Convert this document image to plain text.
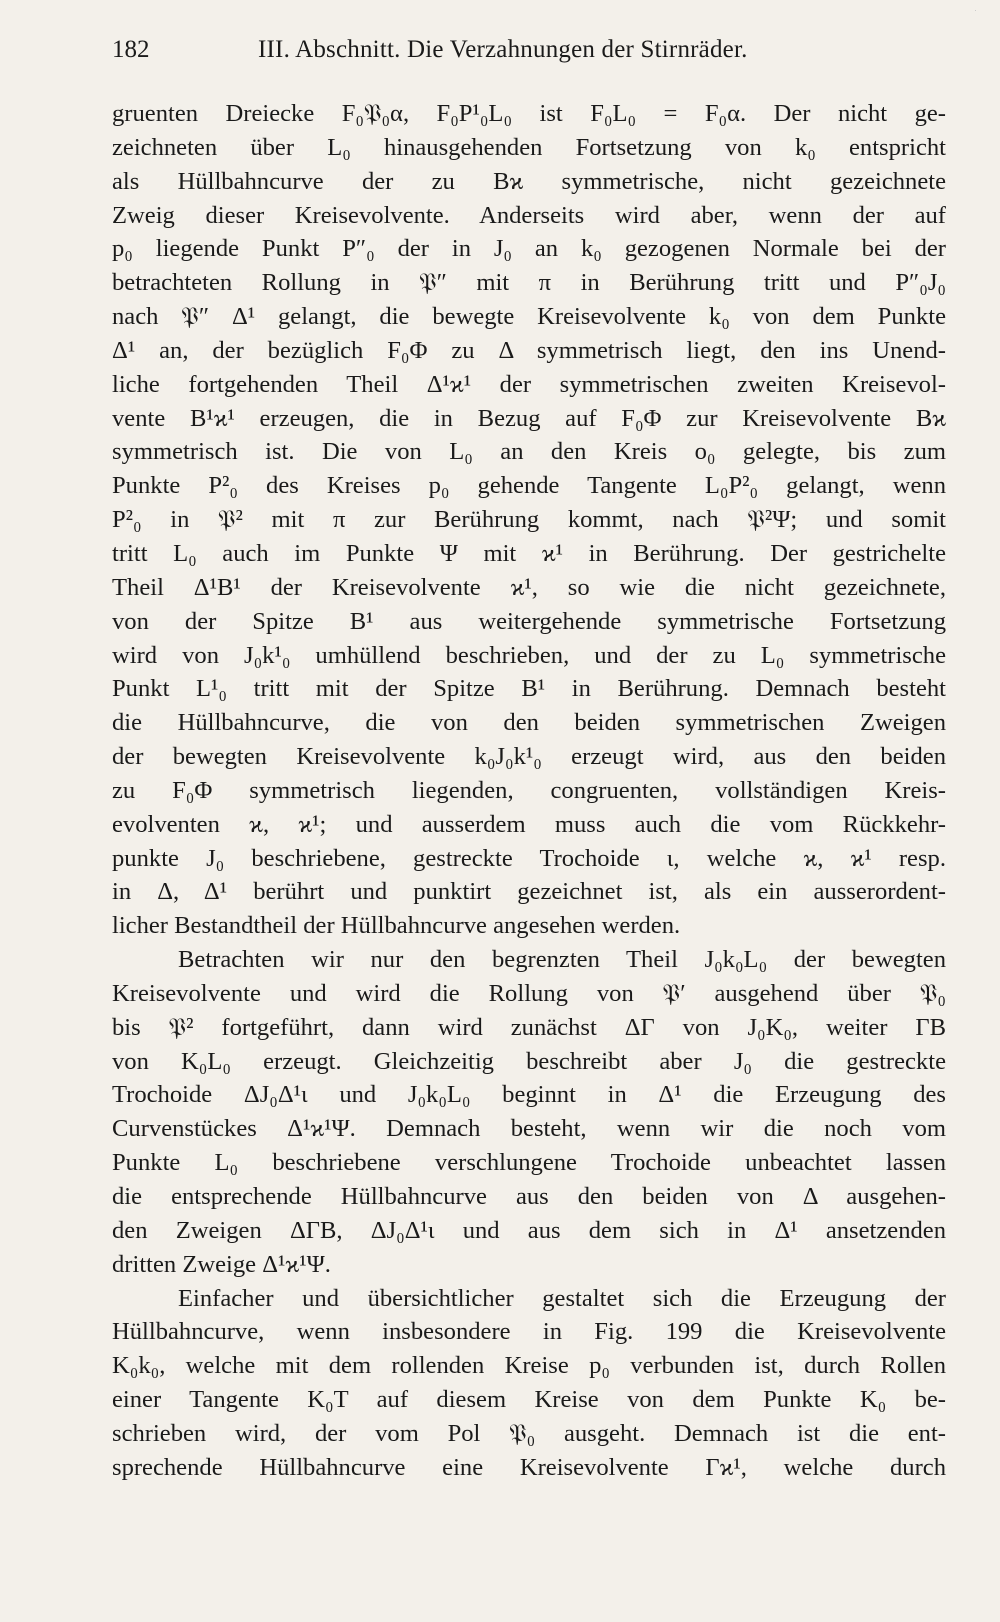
182	III. Abschnitt. Die Verzahnungen der Stirnräder.
gruenten Dreiecke F₀𝔓₀α, F₀P¹₀L₀ ist F₀L₀ = F₀α. Der nicht ge-
zeichneten über L₀ hinausgehenden Fortsetzung von k₀ entspricht
als Hüllbahncurve der zu Bϰ symmetrische, nicht gezeichnete
Zweig dieser Kreisevolvente. Anderseits wird aber, wenn der auf
p₀ liegende Punkt P″₀ der in J₀ an k₀ gezogenen Normale bei der
betrachteten Rollung in 𝔓″ mit π in Berührung tritt und P″₀J₀
nach 𝔓″ Δ¹ gelangt, die bewegte Kreisevolvente k₀ von dem Punkte
Δ¹ an, der bezüglich F₀Φ zu Δ symmetrisch liegt, den ins Unend-
liche fortgehenden Theil Δ¹ϰ¹ der symmetrischen zweiten Kreisevol-
vente B¹ϰ¹ erzeugen, die in Bezug auf F₀Φ zur Kreisevolvente Bϰ
symmetrisch ist. Die von L₀ an den Kreis o₀ gelegte, bis zum
Punkte P²₀ des Kreises p₀ gehende Tangente L₀P²₀ gelangt, wenn
P²₀ in 𝔓² mit π zur Berührung kommt, nach 𝔓²Ψ; und somit
tritt L₀ auch im Punkte Ψ mit ϰ¹ in Berührung. Der gestrichelte
Theil Δ¹B¹ der Kreisevolvente ϰ¹, so wie die nicht gezeichnete,
von der Spitze B¹ aus weitergehende symmetrische Fortsetzung
wird von J₀k¹₀ umhüllend beschrieben, und der zu L₀ symmetrische
Punkt L¹₀ tritt mit der Spitze B¹ in Berührung. Demnach besteht
die Hüllbahncurve, die von den beiden symmetrischen Zweigen
der bewegten Kreisevolvente k₀J₀k¹₀ erzeugt wird, aus den beiden
zu F₀Φ symmetrisch liegenden, congruenten, vollständigen Kreis-
evolventen ϰ, ϰ¹; und ausserdem muss auch die vom Rückkehr-
punkte J₀ beschriebene, gestreckte Trochoide ι, welche ϰ, ϰ¹ resp.
in Δ, Δ¹ berührt und punktirt gezeichnet ist, als ein ausserordent-
licher Bestandtheil der Hüllbahncurve angesehen werden.
Betrachten wir nur den begrenzten Theil J₀k₀L₀ der bewegten
Kreisevolvente und wird die Rollung von 𝔓′ ausgehend über 𝔓₀
bis 𝔓² fortgeführt, dann wird zunächst ΔΓ von J₀K₀, weiter ΓB
von K₀L₀ erzeugt. Gleichzeitig beschreibt aber J₀ die gestreckte
Trochoide ΔJ₀Δ¹ι und J₀k₀L₀ beginnt in Δ¹ die Erzeugung des
Curvenstückes Δ¹ϰ¹Ψ. Demnach besteht, wenn wir die noch vom
Punkte L₀ beschriebene verschlungene Trochoide unbeachtet lassen
die entsprechende Hüllbahncurve aus den beiden von Δ ausgehen-
den Zweigen ΔΓB, ΔJ₀Δ¹ι und aus dem sich in Δ¹ ansetzenden
dritten Zweige Δ¹ϰ¹Ψ.
Einfacher und übersichtlicher gestaltet sich die Erzeugung der
Hüllbahncurve, wenn insbesondere in Fig. 199 die Kreisevolvente
K₀k₀, welche mit dem rollenden Kreise p₀ verbunden ist, durch Rollen
einer Tangente K₀T auf diesem Kreise von dem Punkte K₀ be-
schrieben wird, der vom Pol 𝔓₀ ausgeht. Demnach ist die ent-
sprechende Hüllbahncurve eine Kreisevolvente Γϰ¹, welche durch
